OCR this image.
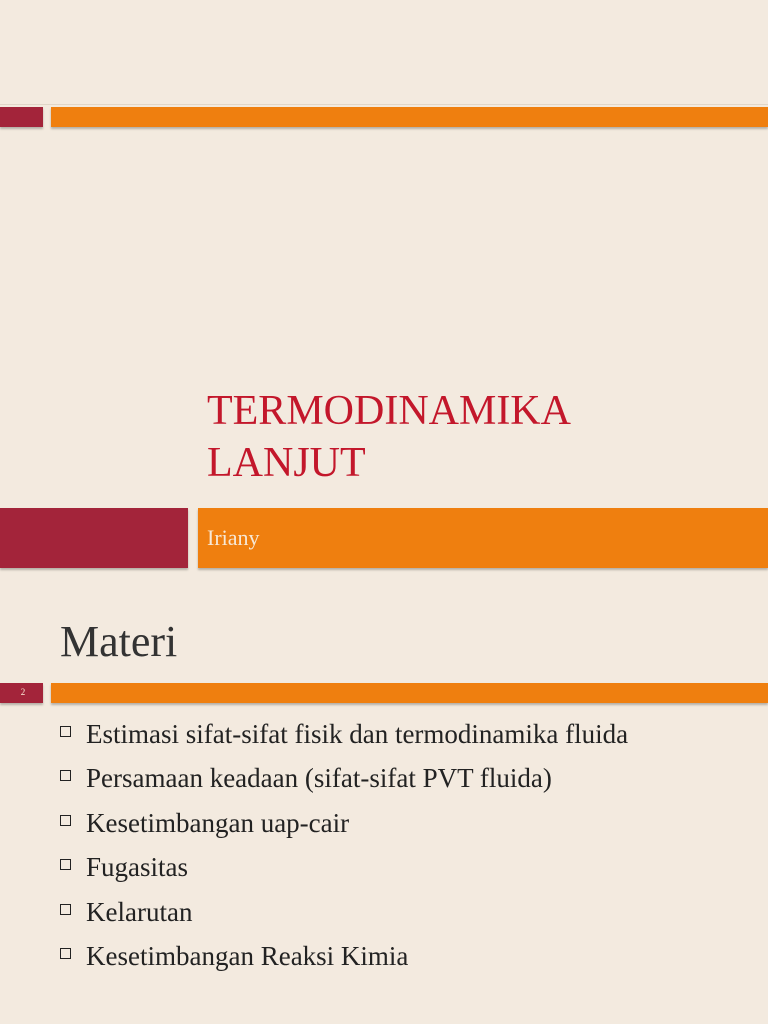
TERMODINAMIKA
LANJUT
Iriany
Materi
2
Estimasi sifat-sifat fisik dan termodinamika fluida
Persamaan keadaan (sifat-sifat PVT fluida)
Kesetimbangan uap-cair
Fugasitas
Kelarutan
Kesetimbangan Reaksi Kimia
